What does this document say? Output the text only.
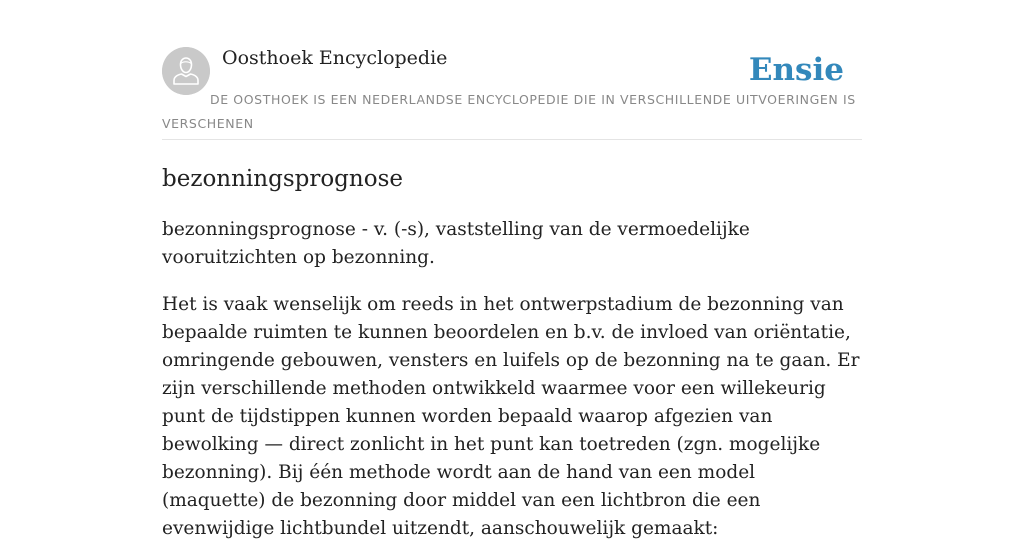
Oosthoek Encyclopedie	Ensie
DE OOSTHOEK IS EEN NEDERLANDSE ENCYCLOPEDIE DIE IN VERSCHILLENDE UITVOERINGEN IS VERSCHENEN
bezonningsprognose

bezonningsprognose - v. (-s), vaststelling van de vermoedelijke vooruitzichten op bezonning.

Het is vaak wenselijk om reeds in het ontwerpstadium de bezonning van bepaalde ruimten te kunnen beoordelen en b.v. de invloed van oriëntatie, omringende gebouwen, vensters en luifels op de bezonning na te gaan. Er zijn verschillende methoden ontwikkeld waarmee voor een willekeurig punt de tijdstippen kunnen worden bepaald waarop afgezien van bewolking — direct zonlicht in het punt kan toetreden (zgn. mogelijke bezonning). Bij één methode wordt aan de hand van een model (maquette) de bezonning door middel van een lichtbron die een evenwijdige lichtbundel uitzendt, aanschouwelijk gemaakt:
